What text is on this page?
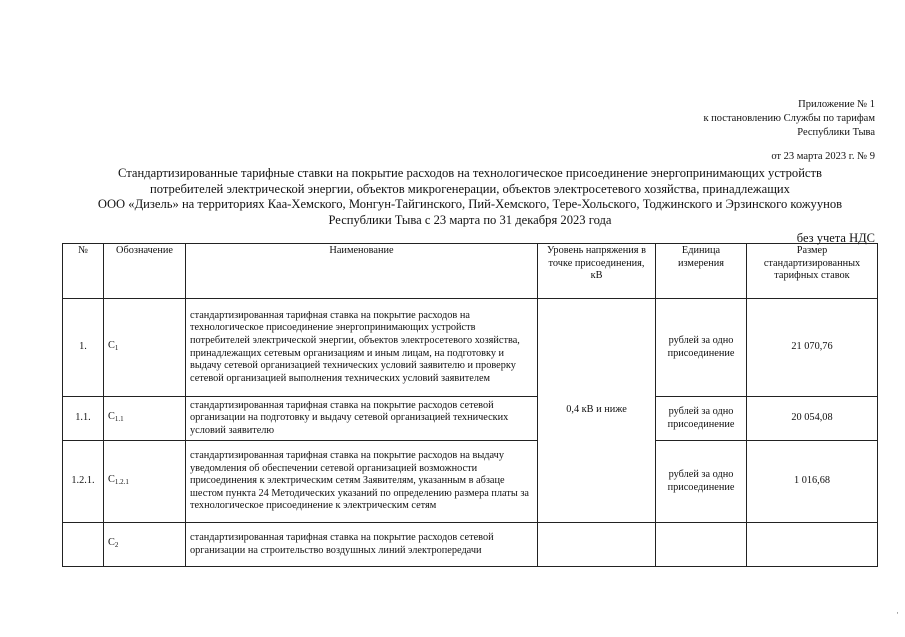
Приложение № 1
к постановлению Службы по тарифам
Республики Тыва
от 23 марта 2023 г. № 9
Стандартизированные тарифные ставки на покрытие расходов на технологическое присоединение энергопринимающих устройств
потребителей электрической энергии, объектов микрогенерации, объектов электросетевого хозяйства, принадлежащих
ООО «Дизель» на территориях Каа-Хемского, Монгун-Тайгинского, Пий-Хемского, Тере-Хольского, Тоджинского и Эрзинского кожуунов
Республики Тыва с 23 марта по 31 декабря 2023 года
без учета НДС
№	Обозначение	Наименование	Уровень напряжения в точке присоединения, кВ	Единица измерения	Размер стандартизированных тарифных ставок
1.	$C_1$	стандартизированная тарифная ставка на покрытие расходов на технологическое присоединение энергопринимающих устройств потребителей электрической энергии, объектов электросетевого хозяйства, принадлежащих сетевым организациям и иным лицам, на подготовку и выдачу сетевой организацией технических условий заявителю и проверку сетевой организацией выполнения технических условий заявителем	0,4 кВ и ниже	рублей за одно присоединение	21 070,76
1.1.	$C_{1.1}$	стандартизированная тарифная ставка на покрытие расходов сетевой организации на подготовку и выдачу сетевой организацией технических условий заявителю		рублей за одно присоединение	20 054,08
1.2.1.	$C_{1.2.1}$	стандартизированная тарифная ставка на покрытие расходов на выдачу уведомления об обеспечении сетевой организацией возможности присоединения к электрическим сетям Заявителям, указанным в абзаце шестом пункта 24 Методических указаний по определению размера платы за технологическое присоединение к электрическим сетям		рублей за одно присоединение	1 016,68
	$C_2$	стандартизированная тарифная ставка на покрытие расходов сетевой организации на строительство воздушных линий электропередачи			
·
